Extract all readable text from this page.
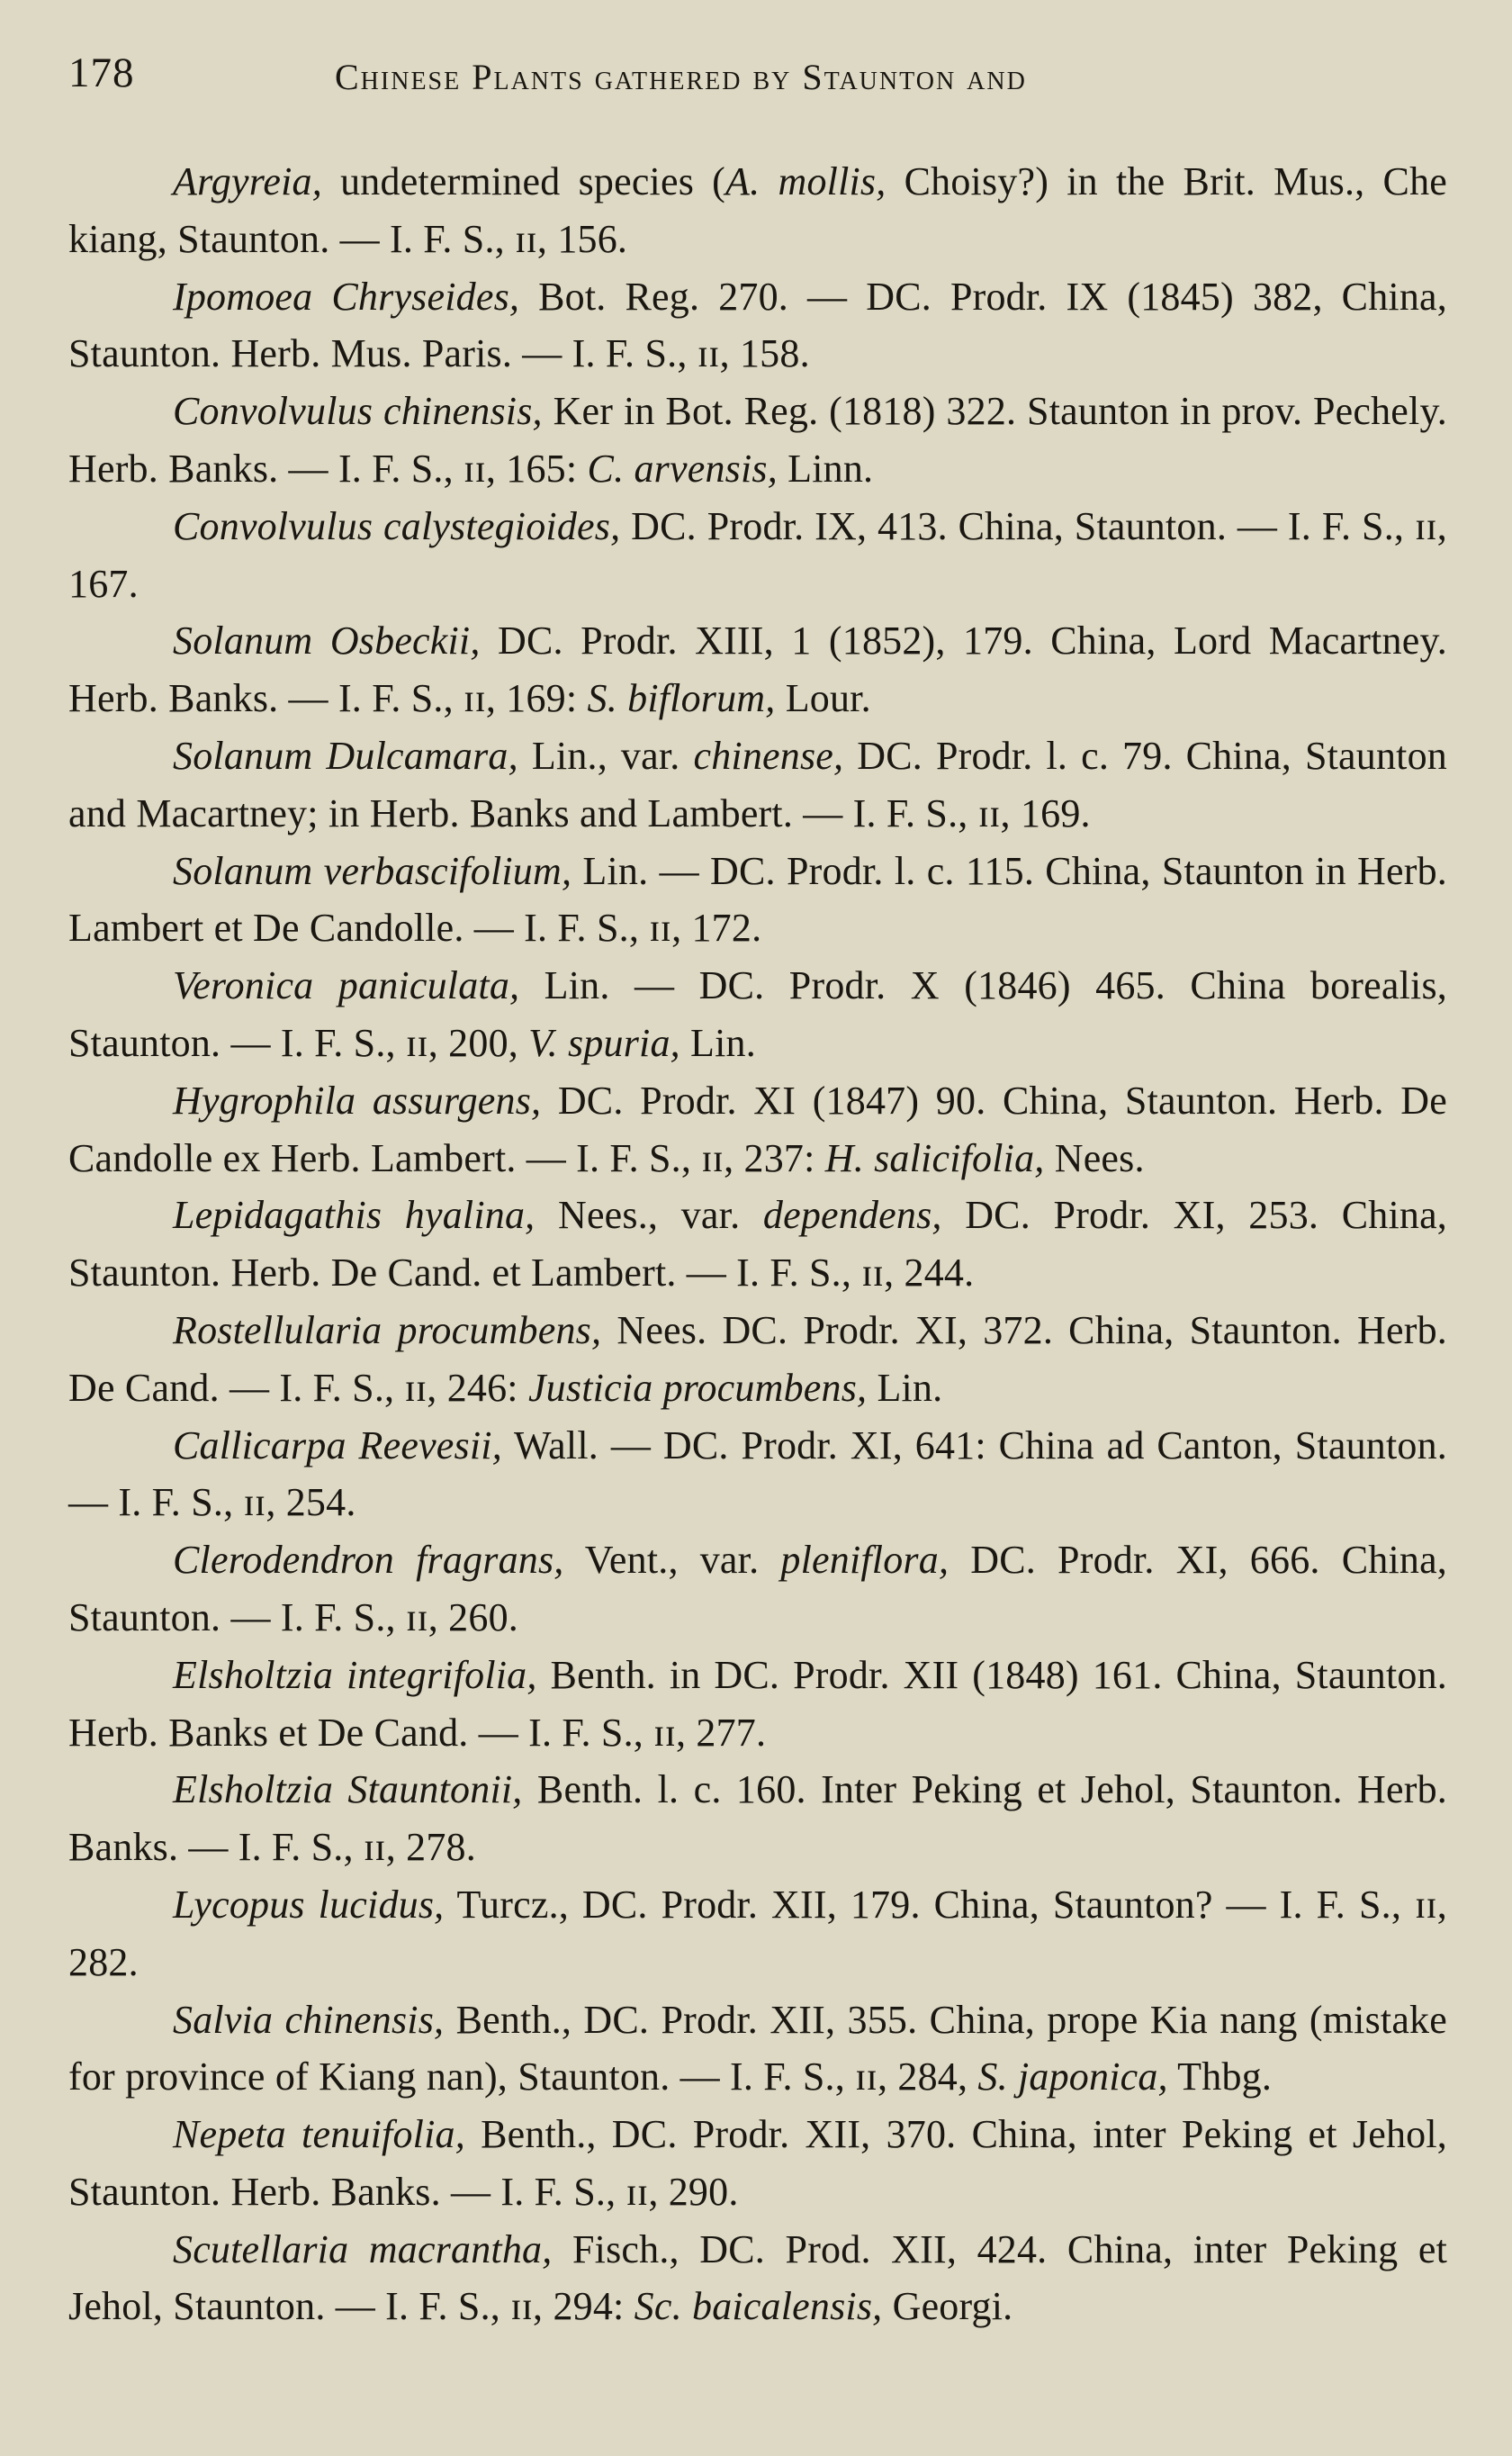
178	Chinese Plants gathered by Staunton and

Argyreia, undetermined species (A. mollis, Choisy?) in the Brit. Mus., Che kiang, Staunton. — I. F. S., ɪɪ, 156.

Ipomoea Chryseides, Bot. Reg. 270. — DC. Prodr. IX (1845) 382, China, Staunton. Herb. Mus. Paris. — I. F. S., ɪɪ, 158.

Convolvulus chinensis, Ker in Bot. Reg. (1818) 322. Staunton in prov. Pechely. Herb. Banks. — I. F. S., ɪɪ, 165: C. arvensis, Linn.

Convolvulus calystegioides, DC. Prodr. IX, 413. China, Staunton. — I. F. S., ɪɪ, 167.

Solanum Osbeckii, DC. Prodr. XIII, 1 (1852), 179. China, Lord Macartney. Herb. Banks. — I. F. S., ɪɪ, 169: S. biflorum, Lour.

Solanum Dulcamara, Lin., var. chinense, DC. Prodr. l. c. 79. China, Staunton and Macartney; in Herb. Banks and Lambert. — I. F. S., ɪɪ, 169.

Solanum verbascifolium, Lin. — DC. Prodr. l. c. 115. China, Staunton in Herb. Lambert et De Candolle. — I. F. S., ɪɪ, 172.

Veronica paniculata, Lin. — DC. Prodr. X (1846) 465. China borealis, Staunton. — I. F. S., ɪɪ, 200, V. spuria, Lin.

Hygrophila assurgens, DC. Prodr. XI (1847) 90. China, Staunton. Herb. De Candolle ex Herb. Lambert. — I. F. S., ɪɪ, 237: H. salicifolia, Nees.

Lepidagathis hyalina, Nees., var. dependens, DC. Prodr. XI, 253. China, Staunton. Herb. De Cand. et Lambert. — I. F. S., ɪɪ, 244.

Rostellularia procumbens, Nees. DC. Prodr. XI, 372. China, Staunton. Herb. De Cand. — I. F. S., ɪɪ, 246: Justicia procumbens, Lin.

Callicarpa Reevesii, Wall. — DC. Prodr. XI, 641: China ad Canton, Staunton. — I. F. S., ɪɪ, 254.

Clerodendron fragrans, Vent., var. pleniflora, DC. Prodr. XI, 666. China, Staunton. — I. F. S., ɪɪ, 260.

Elsholtzia integrifolia, Benth. in DC. Prodr. XII (1848) 161. China, Staunton. Herb. Banks et De Cand. — I. F. S., ɪɪ, 277.

Elsholtzia Stauntonii, Benth. l. c. 160. Inter Peking et Jehol, Staunton. Herb. Banks. — I. F. S., ɪɪ, 278.

Lycopus lucidus, Turcz., DC. Prodr. XII, 179. China, Staunton? — I. F. S., ɪɪ, 282.

Salvia chinensis, Benth., DC. Prodr. XII, 355. China, prope Kia nang (mistake for province of Kiang nan), Staunton. — I. F. S., ɪɪ, 284, S. japonica, Thbg.

Nepeta tenuifolia, Benth., DC. Prodr. XII, 370. China, inter Peking et Jehol, Staunton. Herb. Banks. — I. F. S., ɪɪ, 290.

Scutellaria macrantha, Fisch., DC. Prod. XII, 424. China, inter Peking et Jehol, Staunton. — I. F. S., ɪɪ, 294: Sc. baicalensis, Georgi.
